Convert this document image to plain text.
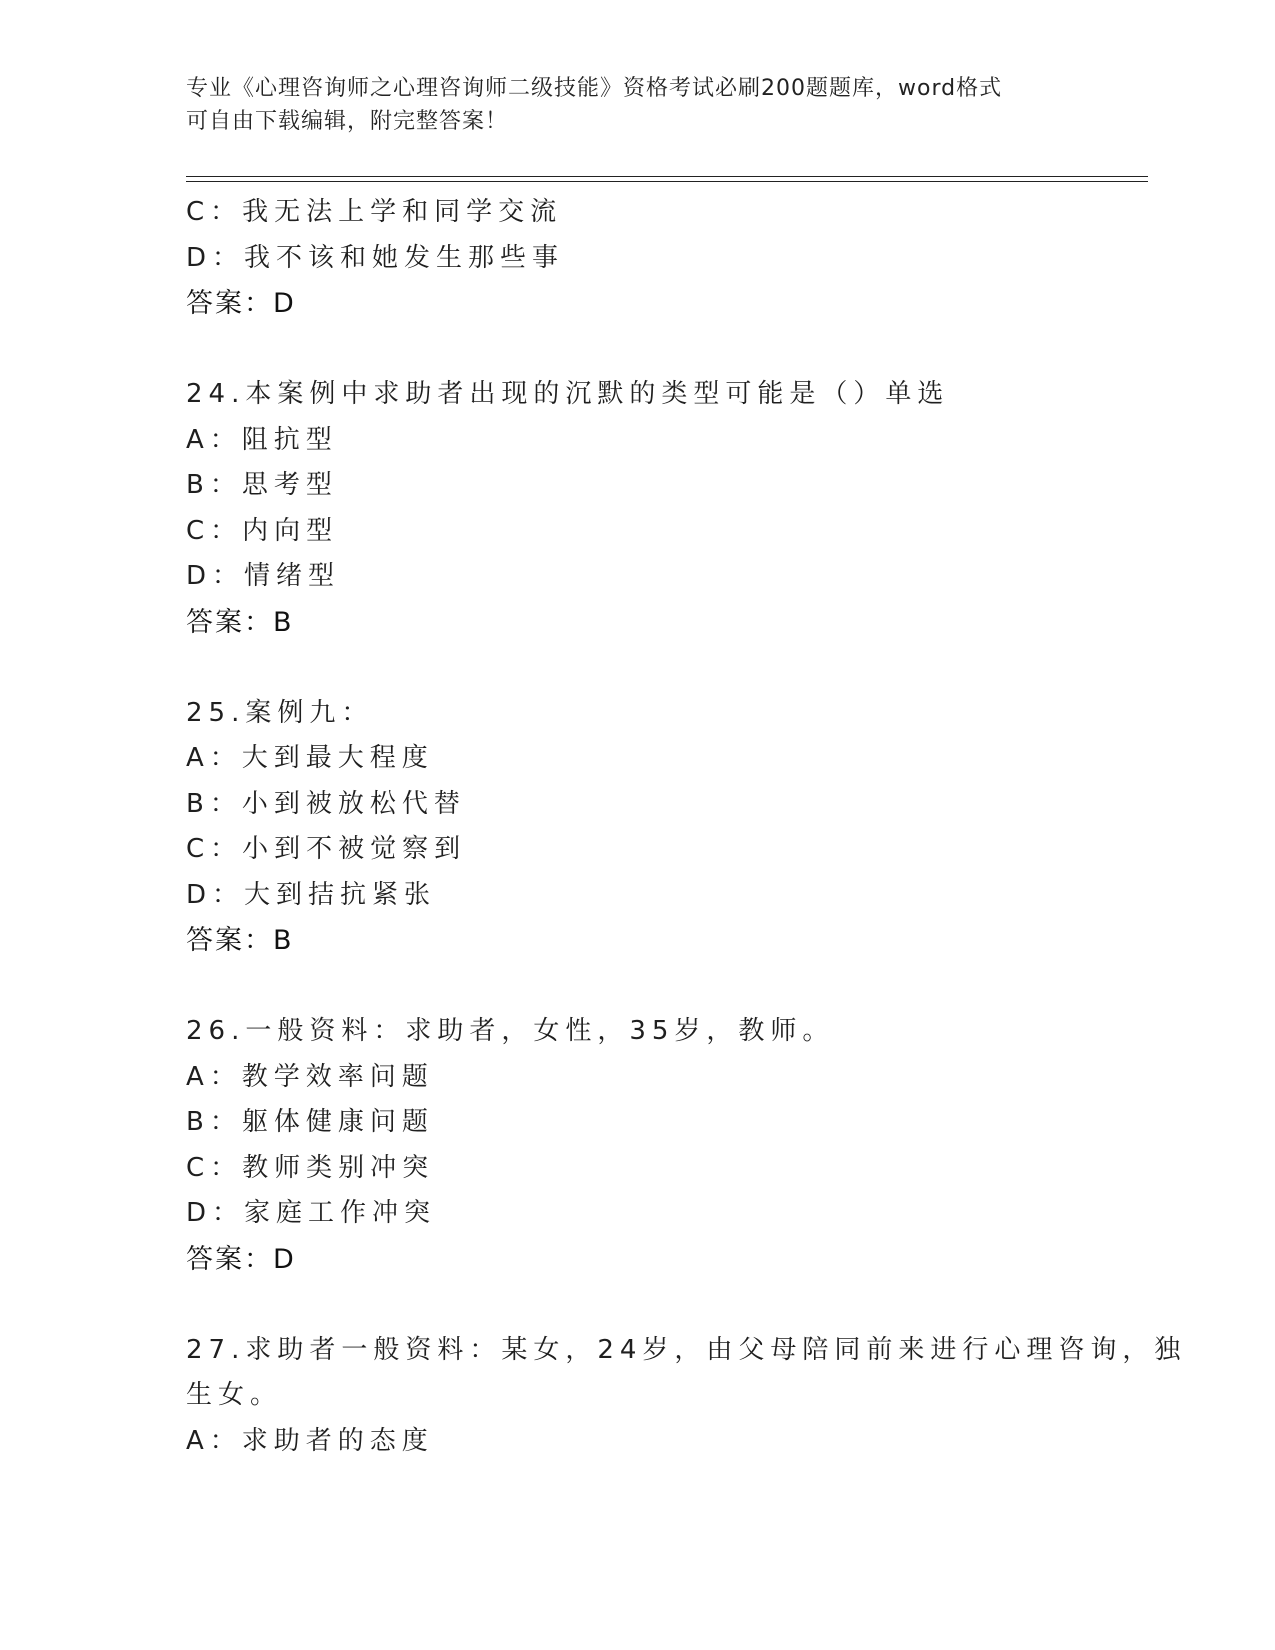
专业《心理咨询师之心理咨询师二级技能》资格考试必刷200题题库，word格式
可自由下载编辑，附完整答案！
C：我无法上学和同学交流
D：我不该和她发生那些事
答案：D
24.本案例中求助者出现的沉默的类型可能是（）单选
A：阻抗型
B：思考型
C：内向型
D：情绪型
答案：B
25.案例九：
A：大到最大程度
B：小到被放松代替
C：小到不被觉察到
D：大到拮抗紧张
答案：B
26.一般资料：求助者，女性，35岁，教师。
A：教学效率问题
B：躯体健康问题
C：教师类别冲突
D：家庭工作冲突
答案：D
27.求助者一般资料：某女，24岁，由父母陪同前来进行心理咨询，独
生女。
A：求助者的态度
